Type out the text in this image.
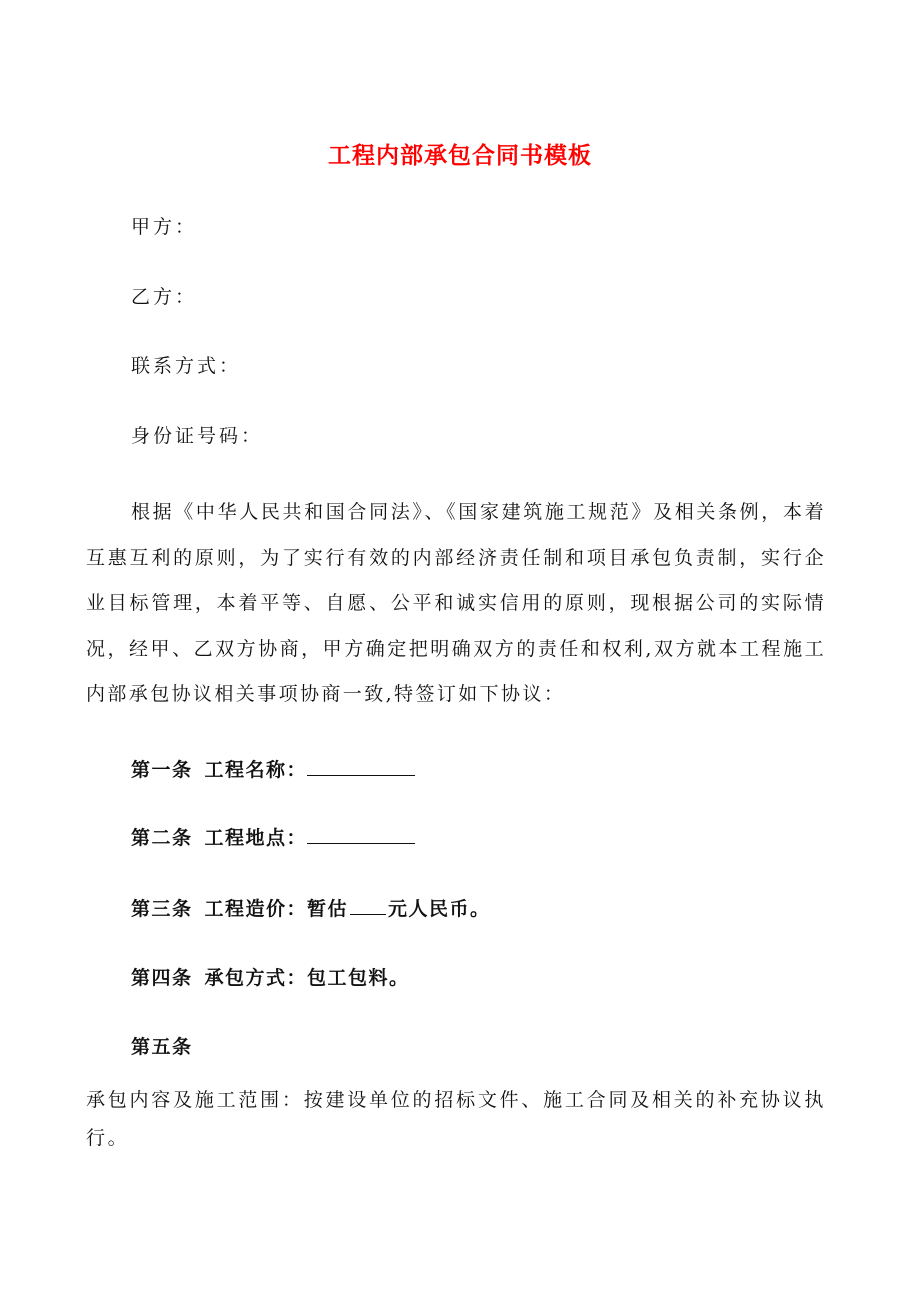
工程内部承包合同书模板
甲方：
乙方：
联系方式：
身份证号码：
根据《中华人民共和国合同法》、《国家建筑施工规范》及相关条例，本着互惠互利的原则，为了实行有效的内部经济责任制和项目承包负责制，实行企业目标管理，本着平等、自愿、公平和诚实信用的原则，现根据公司的实际情况，经甲、乙双方协商，甲方确定把明确双方的责任和权利,双方就本工程施工内部承包协议相关事项协商一致,特签订如下协议：
第一条 工程名称：
第二条 工程地点：
第三条 工程造价：暂估 元人民币。
第四条 承包方式：包工包料。
第五条
承包内容及施工范围：按建设单位的招标文件、施工合同及相关的补充协议执行。
